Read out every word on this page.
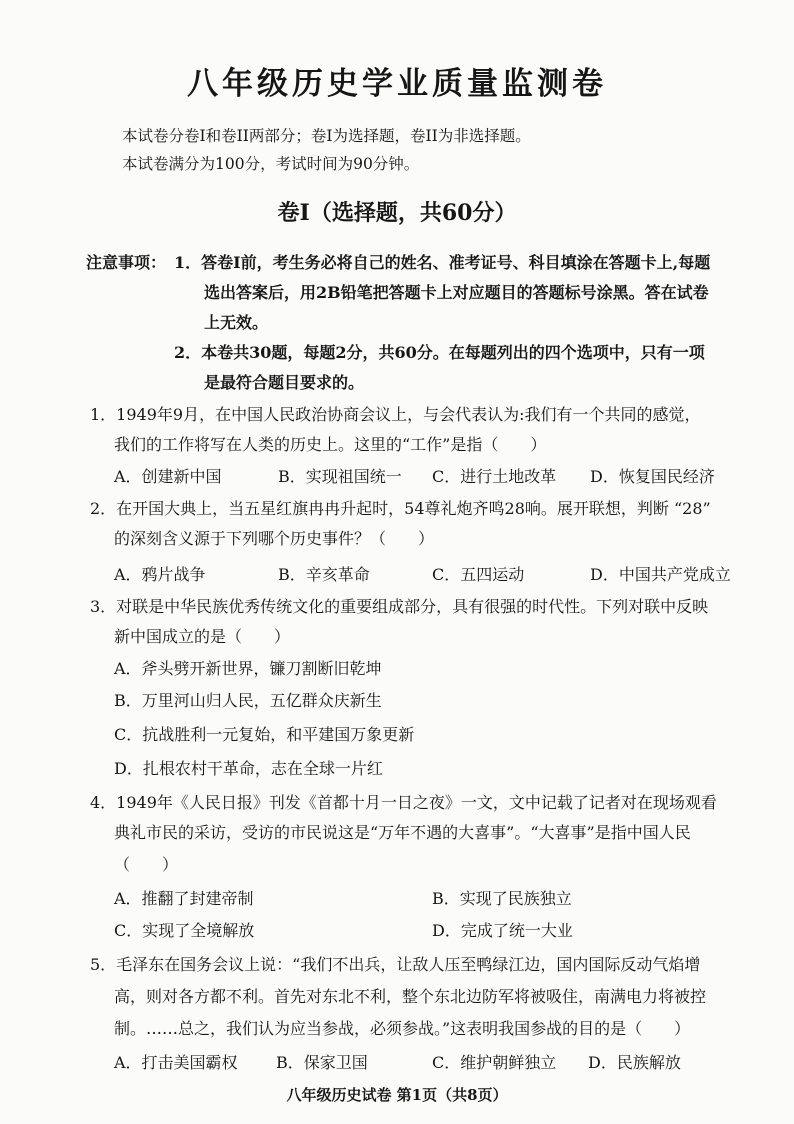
八年级历史学业质量监测卷
本试卷分卷I和卷II两部分；卷I为选择题，卷II为非选择题。
本试卷满分为100分，考试时间为90分钟。
卷I（选择题，共60分）
注意事项： 1．答卷I前，考生务必将自己的姓名、准考证号、科目填涂在答题卡上,每题
选出答案后，用2B铅笔把答题卡上对应题目的答题标号涂黑。答在试卷
上无效。
2．本卷共30题，每题2分，共60分。在每题列出的四个选项中，只有一项
是最符合题目要求的。
1．1949年9月，在中国人民政治协商会议上，与会代表认为:我们有一个共同的感觉，
我们的工作将写在人类的历史上。这里的“工作”是指（　　）
A．创建新中国	B．实现祖国统一 C．进行土地改革 D．恢复国民经济
2．在开国大典上，当五星红旗冉冉升起时，54尊礼炮齐鸣28响。展开联想，判断 “28”
的深刻含义源于下列哪个历史事件？（　　）
A．鸦片战争	B．辛亥革命	C．五四运动	D．中国共产党成立
3．对联是中华民族优秀传统文化的重要组成部分，具有很强的时代性。下列对联中反映
新中国成立的是（　　）
A．斧头劈开新世界，镰刀割断旧乾坤
B．万里河山归人民，五亿群众庆新生
C．抗战胜利一元复始，和平建国万象更新
D．扎根农村干革命，志在全球一片红
4．1949年《人民日报》刊发《首都十月一日之夜》一文，文中记载了记者对在现场观看
典礼市民的采访，受访的市民说这是“万年不遇的大喜事”。“大喜事”是指中国人民
（　　）
A．推翻了封建帝制	B．实现了民族独立
C．实现了全境解放	D．完成了统一大业
5．毛泽东在国务会议上说：“我们不出兵，让敌人压至鸭绿江边，国内国际反动气焰增
高，则对各方都不利。首先对东北不利，整个东北边防军将被吸住，南满电力将被控
制。……总之，我们认为应当参战，必须参战。”这表明我国参战的目的是（　　）
A．打击美国霸权 B．保家卫国	C．维护朝鲜独立 D．民族解放
八年级历史试卷 第1页（共8页）
